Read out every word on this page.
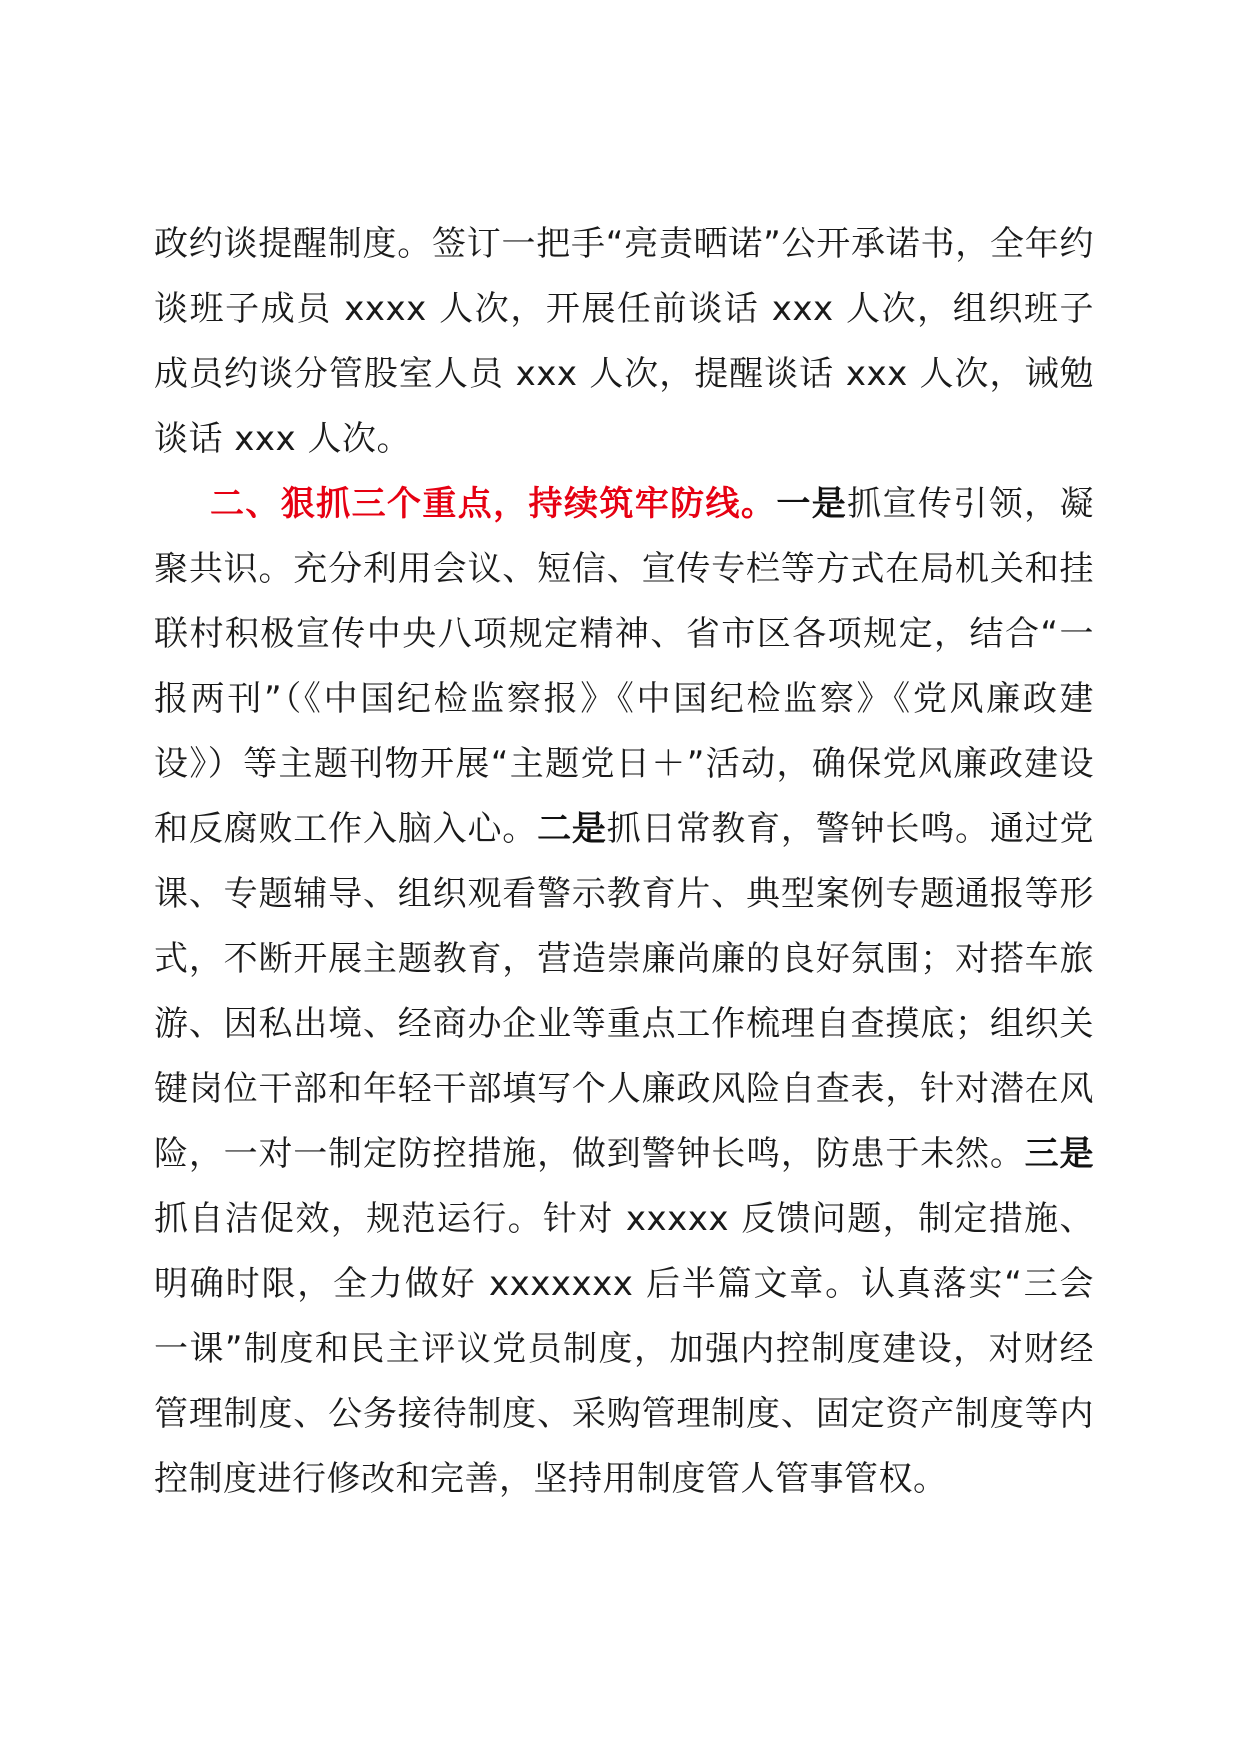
政约谈提醒制度。签订一把手“亮责晒诺”公开承诺书，全年约谈班子成员 xxxx 人次，开展任前谈话 xxx 人次，组织班子成员约谈分管股室人员 xxx 人次，提醒谈话 xxx 人次，诫勉谈话 xxx 人次。

二、狠抓三个重点，持续筑牢防线。一是抓宣传引领，凝聚共识。充分利用会议、短信、宣传专栏等方式在局机关和挂联村积极宣传中央八项规定精神、省市区各项规定，结合“一报两刊”（《中国纪检监察报》《中国纪检监察》《党风廉政建设》）等主题刊物开展“主题党日＋”活动，确保党风廉政建设和反腐败工作入脑入心。二是抓日常教育，警钟长鸣。通过党课、专题辅导、组织观看警示教育片、典型案例专题通报等形式，不断开展主题教育，营造崇廉尚廉的良好氛围；对搭车旅游、因私出境、经商办企业等重点工作梳理自查摸底；组织关键岗位干部和年轻干部填写个人廉政风险自查表，针对潜在风险，一对一制定防控措施，做到警钟长鸣，防患于未然。三是抓自洁促效，规范运行。针对 xxxxx 反馈问题，制定措施、明确时限，全力做好 xxxxxxx 后半篇文章。认真落实“三会一课”制度和民主评议党员制度，加强内控制度建设，对财经管理制度、公务接待制度、采购管理制度、固定资产制度等内控制度进行修改和完善，坚持用制度管人管事管权。
